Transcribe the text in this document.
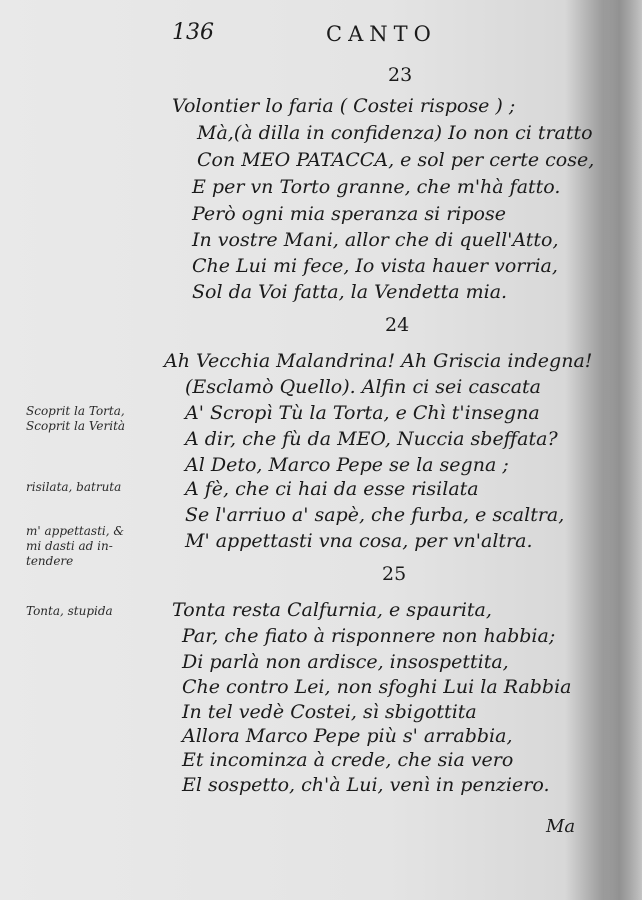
136	CANTO
23
Volontier lo faria ( Costei rispose ) ;
Mà,(à dilla in confidenza) Io non ci tratto
Con MEO PATACCA, e sol per certe cose,
E per vn Torto granne, che m'hà fatto.
Però ogni mia speranza si ripose
In vostre Mani, allor che di quell'Atto,
Che Lui mi fece, Io vista hauer vorria,
Sol da Voi fatta, la Vendetta mia.
24
Ah Vecchia Malandrina! Ah Griscia indegna!
(Esclamò Quello). Alfin ci sei cascata
A' Scropì Tù la Torta, e Chì t'insegna
A dir, che fù da MEO, Nuccia sbeffata?
Al Deto, Marco Pepe se la segna ;
A fè, che ci hai da esse risilata
Se l'arriuo a' sapè, che furba, e scaltra,
M' appettasti vna cosa, per vn'altra.
25
Tonta resta Calfurnia, e spaurita,
Par, che fiato à risponnere non habbia;
Di parlà non ardisce, insospettita,
Che contro Lei, non sfoghi Lui la Rabbia
In tel vedè Costei, sì sbigottita
Allora Marco Pepe più s' arrabbia,
Et incominza à crede, che sia vero
El sospetto, ch'à Lui, venì in penziero.
Scoprit la Torta,
Scoprit la Verità
risilata, batruta
m' appettasti, &
mi dasti ad in-
tendere
Tonta, stupida
Ma
